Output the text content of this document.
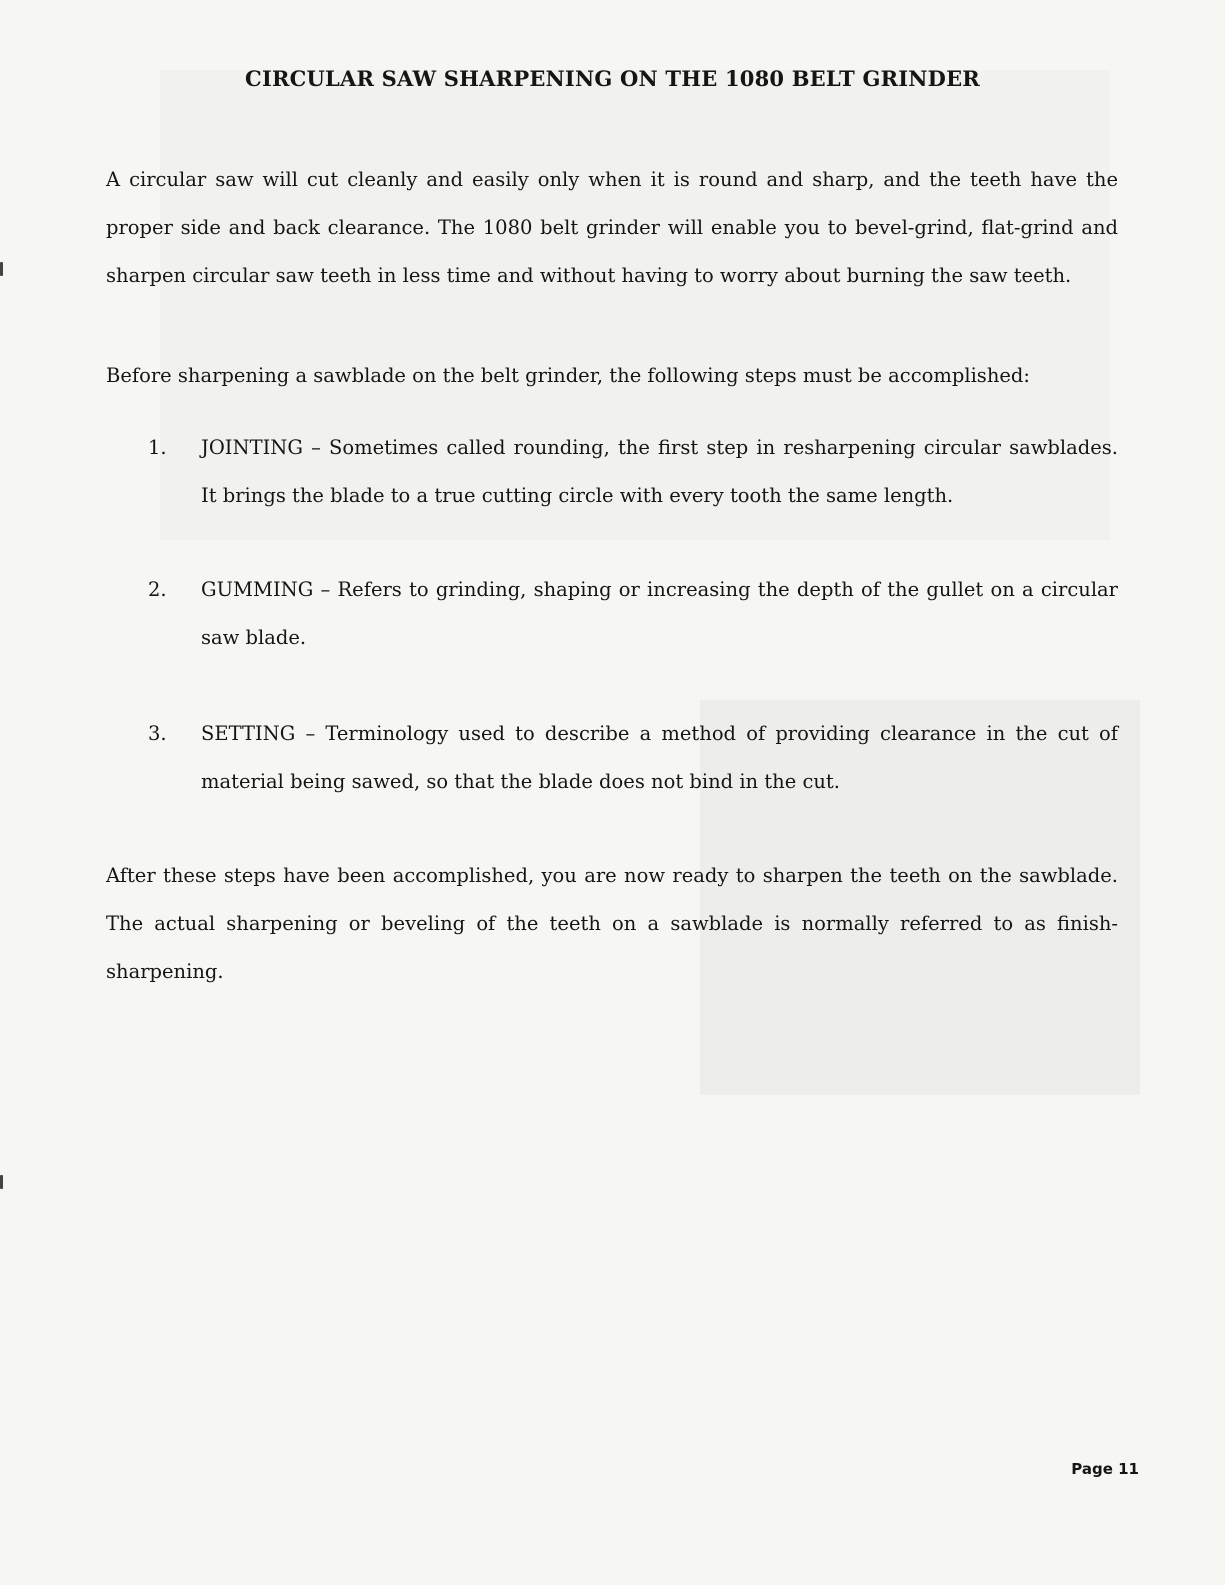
CIRCULAR SAW SHARPENING ON THE 1080 BELT GRINDER

A circular saw will cut cleanly and easily only when it is round and sharp, and the teeth have the proper side and back clearance. The 1080 belt grinder will enable you to bevel-grind, flat-grind and sharpen circular saw teeth in less time and without having to worry about burning the saw teeth.

Before sharpening a sawblade on the belt grinder, the following steps must be accomplished:

1. JOINTING – Sometimes called rounding, the first step in resharpening circular sawblades. It brings the blade to a true cutting circle with every tooth the same length.

2. GUMMING – Refers to grinding, shaping or increasing the depth of the gullet on a circular saw blade.

3. SETTING – Terminology used to describe a method of providing clearance in the cut of material being sawed, so that the blade does not bind in the cut.

After these steps have been accomplished, you are now ready to sharpen the teeth on the sawblade. The actual sharpening or beveling of the teeth on a sawblade is normally referred to as finish-sharpening.

Page 11
